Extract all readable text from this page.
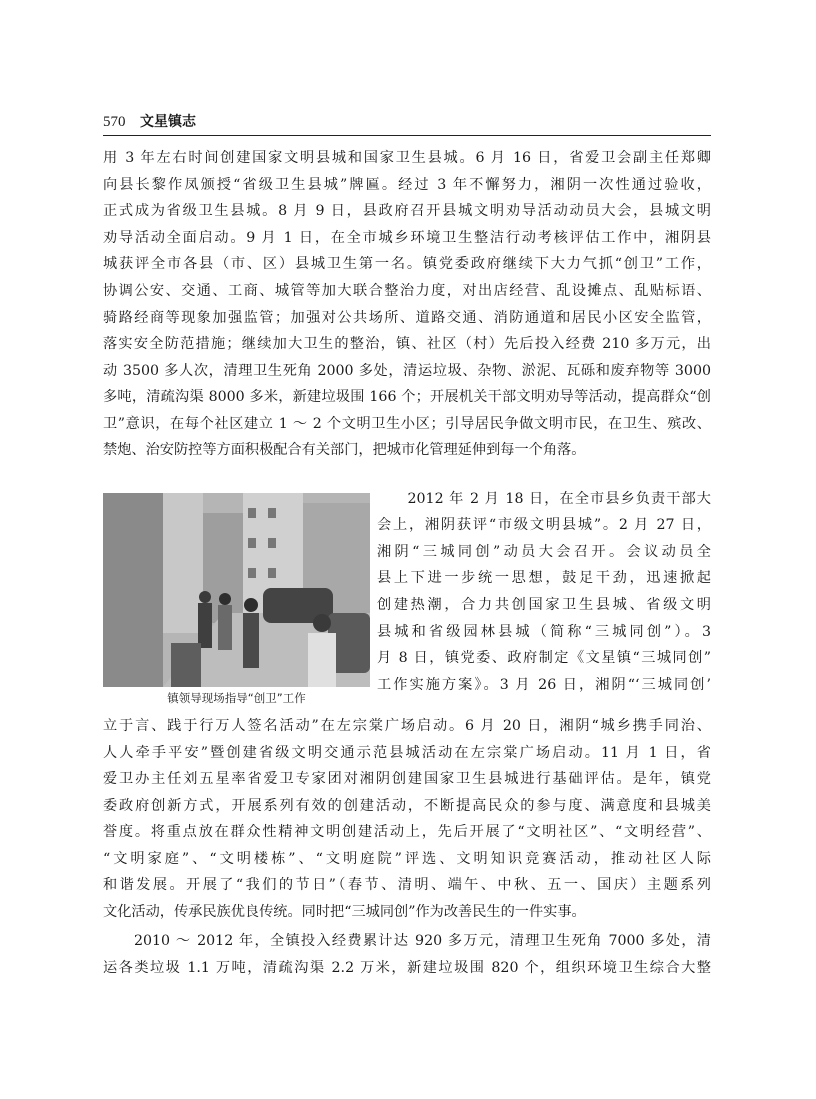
570 文星镇志

用 3 年左右时间创建国家文明县城和国家卫生县城。6 月 16 日，省爱卫会副主任郑卿

向县长黎作凤颁授“省级卫生县城”牌匾。经过 3 年不懈努力，湘阴一次性通过验收，

正式成为省级卫生县城。8 月 9 日，县政府召开县城文明劝导活动动员大会，县城文明

劝导活动全面启动。9 月 1 日，在全市城乡环境卫生整洁行动考核评估工作中，湘阴县

城获评全市各县（市、区）县城卫生第一名。镇党委政府继续下大力气抓“创卫”工作，

协调公安、交通、工商、城管等加大联合整治力度，对出店经营、乱设摊点、乱贴标语、

骑路经商等现象加强监管；加强对公共场所、道路交通、消防通道和居民小区安全监管，

落实安全防范措施；继续加大卫生的整治，镇、社区（村）先后投入经费 210 多万元，出

动 3500 多人次，清理卫生死角 2000 多处，清运垃圾、杂物、淤泥、瓦砾和废弃物等 3000

多吨，清疏沟渠 8000 多米，新建垃圾围 166 个；开展机关干部文明劝导等活动，提高群众“创

卫”意识，在每个社区建立 1 ～ 2 个文明卫生小区；引导居民争做文明市民，在卫生、殡改、

禁炮、治安防控等方面积极配合有关部门，把城市化管理延伸到每一个角落。

镇领导现场指导“创卫”工作

　　2012 年 2 月 18 日，在全市县乡负责干部大

会上，湘阴获评“市级文明县城”。2 月 27 日，

湘阴“三城同创”动员大会召开。会议动员全

县上下进一步统一思想，鼓足干劲，迅速掀起

创建热潮，合力共创国家卫生县城、省级文明

县城和省级园林县城（简称“三城同创”）。3

月 8 日，镇党委、政府制定《文星镇“三城同创”

工作实施方案》。3 月 26 日，湘阴“‘三城同创’

立于言、践于行万人签名活动”在左宗棠广场启动。6 月 20 日，湘阴“城乡携手同治、

人人牵手平安”暨创建省级文明交通示范县城活动在左宗棠广场启动。11 月 1 日，省

爱卫办主任刘五星率省爱卫专家团对湘阴创建国家卫生县城进行基础评估。是年，镇党

委政府创新方式，开展系列有效的创建活动，不断提高民众的参与度、满意度和县城美

誉度。将重点放在群众性精神文明创建活动上，先后开展了“文明社区”、“文明经营”、

“文明家庭”、“文明楼栋”、“文明庭院”评选、文明知识竞赛活动，推动社区人际

和谐发展。开展了“我们的节日”（春节、清明、端午、中秋、五一、国庆）主题系列

文化活动，传承民族优良传统。同时把“三城同创”作为改善民生的一件实事。

　　2010 ～ 2012 年，全镇投入经费累计达 920 多万元，清理卫生死角 7000 多处，清

运各类垃圾 1.1 万吨，清疏沟渠 2.2 万米，新建垃圾围 820 个，组织环境卫生综合大整
